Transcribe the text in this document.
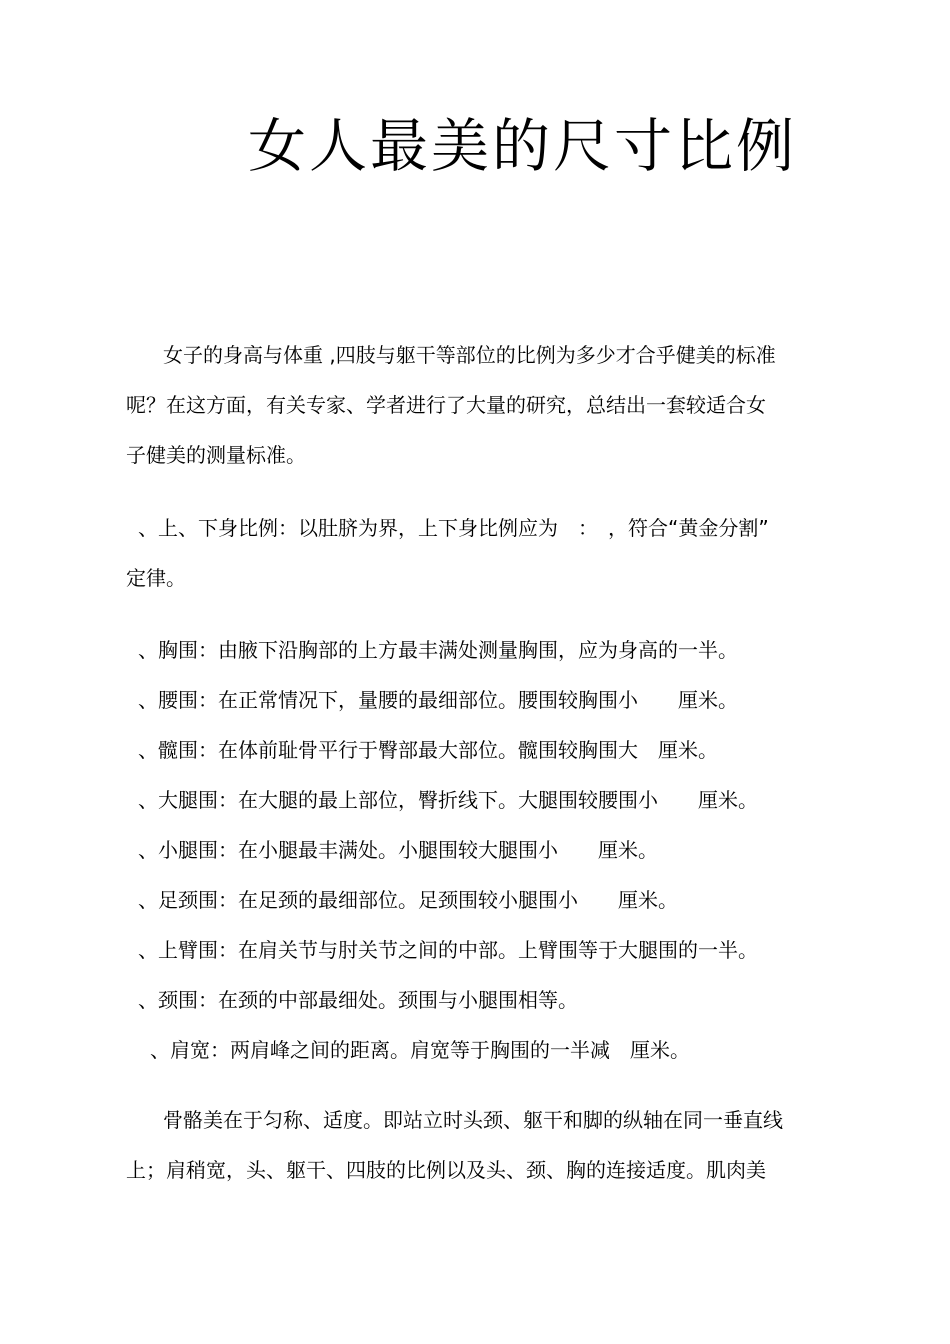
女人最美的尺寸比例

女子的身高与体重 ,四肢与躯干等部位的比例为多少才合乎健美的标准

呢？在这方面，有关专家、学者进行了大量的研究，总结出一套较适合女

子健美的测量标准。

、上、下身比例：以肚脐为界，上下身比例应为　：　，符合“黄金分割”

定律。

、胸围：由腋下沿胸部的上方最丰满处测量胸围，应为身高的一半。

、腰围：在正常情况下，量腰的最细部位。腰围较胸围小　　厘米。

、髋围：在体前耻骨平行于臀部最大部位。髋围较胸围大　厘米。

、大腿围：在大腿的最上部位，臀折线下。大腿围较腰围小　　厘米。

、小腿围：在小腿最丰满处。小腿围较大腿围小　　厘米。

、足颈围：在足颈的最细部位。足颈围较小腿围小　　厘米。

、上臂围：在肩关节与肘关节之间的中部。上臂围等于大腿围的一半。

、颈围：在颈的中部最细处。颈围与小腿围相等。

、肩宽：两肩峰之间的距离。肩宽等于胸围的一半减　厘米。

骨骼美在于匀称、适度。即站立时头颈、躯干和脚的纵轴在同一垂直线

上；肩稍宽，头、躯干、四肢的比例以及头、颈、胸的连接适度。肌肉美
